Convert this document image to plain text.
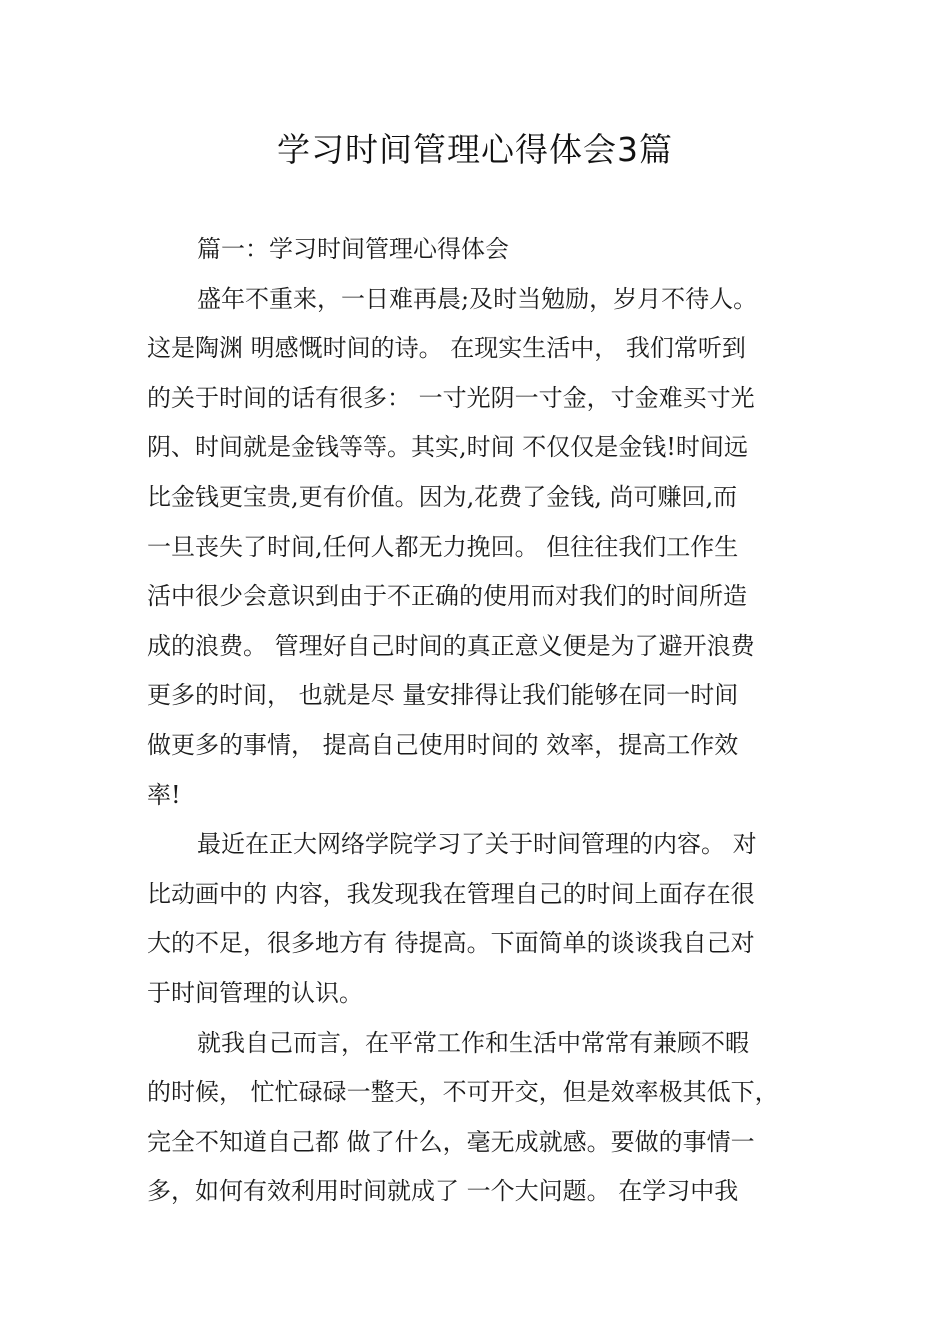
学习时间管理心得体会3篇
篇一：学习时间管理心得体会
盛年不重来，一日难再晨;及时当勉励，岁月不待人。
这是陶渊 明感慨时间的诗。 在现实生活中， 我们常听到
的关于时间的话有很多： 一寸光阴一寸金，寸金难买寸光
阴、时间就是金钱等等。其实,时间 不仅仅是金钱!时间远
比金钱更宝贵,更有价值。因为,花费了金钱, 尚可赚回,而
一旦丧失了时间,任何人都无力挽回。 但往往我们工作生
活中很少会意识到由于不正确的使用而对我们的时间所造
成的浪费。 管理好自己时间的真正意义便是为了避开浪费
更多的时间， 也就是尽 量安排得让我们能够在同一时间
做更多的事情， 提高自己使用时间的 效率，提高工作效
率!
最近在正大网络学院学习了关于时间管理的内容。 对
比动画中的 内容，我发现我在管理自己的时间上面存在很
大的不足，很多地方有 待提高。下面简单的谈谈我自己对
于时间管理的认识。
就我自己而言，在平常工作和生活中常常有兼顾不暇
的时候， 忙忙碌碌一整天，不可开交，但是效率极其低下，
完全不知道自己都 做了什么，毫无成就感。要做的事情一
多，如何有效利用时间就成了 一个大问题。 在学习中我
